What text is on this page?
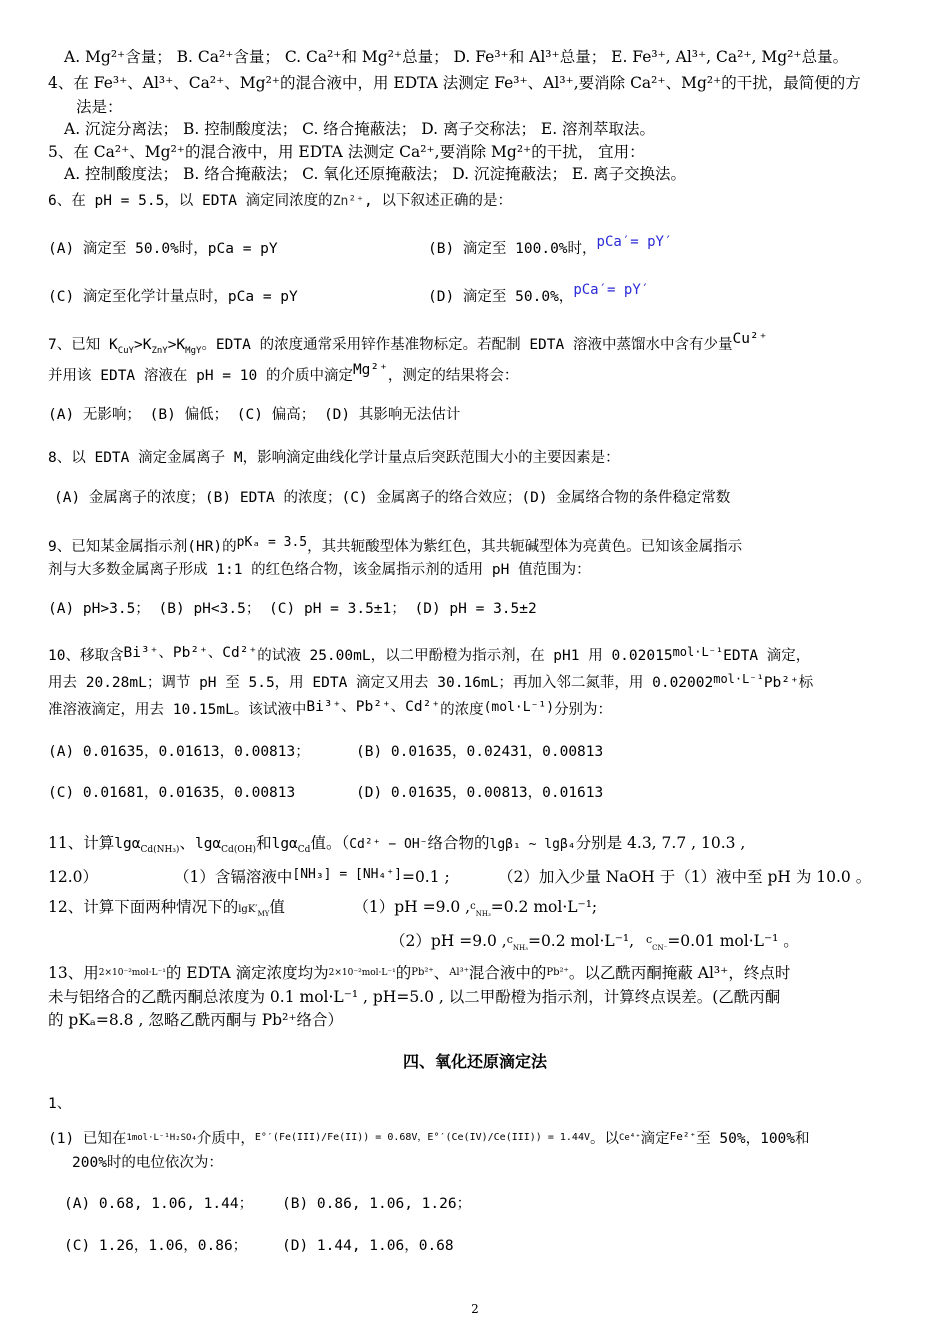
A. Mg²⁺含量； B. Ca²⁺含量； C. Ca²⁺和 Mg²⁺总量； D. Fe³⁺和 Al³⁺总量； E. Fe³⁺, Al³⁺, Ca²⁺, Mg²⁺总量。
4、在 Fe³⁺、Al³⁺、Ca²⁺、Mg²⁺的混合液中，用 EDTA 法测定 Fe³⁺、Al³⁺,要消除 Ca²⁺、Mg²⁺的干扰，最简便的方
法是：
A. 沉淀分离法； B. 控制酸度法； C. 络合掩蔽法； D. 离子交称法； E. 溶剂萃取法。
5、在 Ca²⁺、Mg²⁺的混合液中，用 EDTA 法测定 Ca²⁺,要消除 Mg²⁺的干扰， 宜用：
A. 控制酸度法； B. 络合掩蔽法； C. 氧化还原掩蔽法； D. 沉淀掩蔽法； E. 离子交换法。
6、在 pH = 5.5，以 EDTA 滴定同浓度的Zn²⁺, 以下叙述正确的是：
(A) 滴定至 50.0%时，pCa = pY	(B) 滴定至 100.0%时，pCa′= pY′
(C) 滴定至化学计量点时，pCa = pY	(D) 滴定至 50.0%，pCa′= pY′
7、已知 $K_{CuY}>K_{ZnY}>K_{MgY}$。EDTA 的浓度通常采用锌作基准物标定。若配制 EDTA 溶液中蒸馏水中含有少量Cu²⁺
并用该 EDTA 溶液在 pH = 10 的介质中滴定Mg²⁺，测定的结果将会：
(A) 无影响； (B) 偏低； (C) 偏高； (D) 其影响无法估计
8、以 EDTA 滴定金属离子 M，影响滴定曲线化学计量点后突跃范围大小的主要因素是：
(A) 金属离子的浓度；(B) EDTA 的浓度；(C) 金属离子的络合效应；(D) 金属络合物的条件稳定常数
9、已知某金属指示剂(HR)的pKₐ = 3.5，其共轭酸型体为紫红色，其共轭碱型体为亮黄色。已知该金属指示
剂与大多数金属离子形成 1:1 的红色络合物，该金属指示剂的适用 pH 值范围为：
(A) pH>3.5； (B) pH<3.5； (C) pH = 3.5±1； (D) pH = 3.5±2
10、移取含Bi³⁺、Pb²⁺、Cd²⁺的试液 25.00mL，以二甲酚橙为指示剂，在 pH1 用 $0.02015^{mol\cdot L^{-1}}EDTA$ 滴定，
用去 20.28mL；调节 pH 至 5.5，用 EDTA 滴定又用去 30.16mL；再加入邻二氮菲，用 $0.02002^{mol\cdot L^{-1}}Pb^{2+}$标
准溶液滴定，用去 10.15mL。该试液中Bi³⁺、Pb²⁺、Cd²⁺的浓度(mol·L⁻¹)分别为：
(A) 0.01635，0.01613，0.00813；	(B) 0.01635，0.02431，0.00813
(C) 0.01681，0.01635，0.00813	(D) 0.01635，0.00813，0.01613
11、计算lgα$_{Cd(NH_3)}$、lgα$_{Cd(OH)}$和lgα$_{Cd}$值。（Cd²⁺ − OH⁻络合物的lgβ₁ ~ lgβ₄分别是 4.3, 7.7 , 10.3 ,
12.0）	（1）含镉溶液中[NH₃] = [NH₄⁺]=0.1 ;	（2）加入少量 NaOH 于（1）液中至 pH 为 10.0 。
12、计算下面两种情况下的$\lg K'_{MY}$值	（1）pH =9.0 $,c_{NH_3}=0.2$ mol·L⁻¹;
（2）pH =9.0 $,c_{NH_3}=0.2$ mol·L⁻¹, $c_{CN^-}=0.01$ mol·L⁻¹ 。
13、用2×10⁻²mol·L⁻¹的 EDTA 滴定浓度均为2×10⁻²mol·L⁻¹的Pb²⁺、Al³⁺混合液中的Pb²⁺。以乙酰丙酮掩蔽 Al³⁺，终点时
未与铝络合的乙酰丙酮总浓度为 0.1 mol·L⁻¹ , pH=5.0 , 以二甲酚橙为指示剂，计算终点误差。(乙酰丙酮
的 pKₐ=8.8 , 忽略乙酰丙酮与 Pb²⁺络合）
四、氧化还原滴定法
1、
(1) 已知在$^{1mol\cdot L^{-1}H_2SO_4}$介质中，$^{E^\circ'(Fe(III)/Fe(II)) = 0.68V,E^\circ'(Ce(IV)/Ce(III)) = 1.44V}$。以$^{Ce^{4+}}$滴定$^{Fe^{2+}}$至 50%，100%和
200%时的电位依次为：
(A) 0.68, 1.06, 1.44； (B) 0.86, 1.06, 1.26；
(C) 1.26，1.06，0.86； (D) 1.44, 1.06，0.68
2
